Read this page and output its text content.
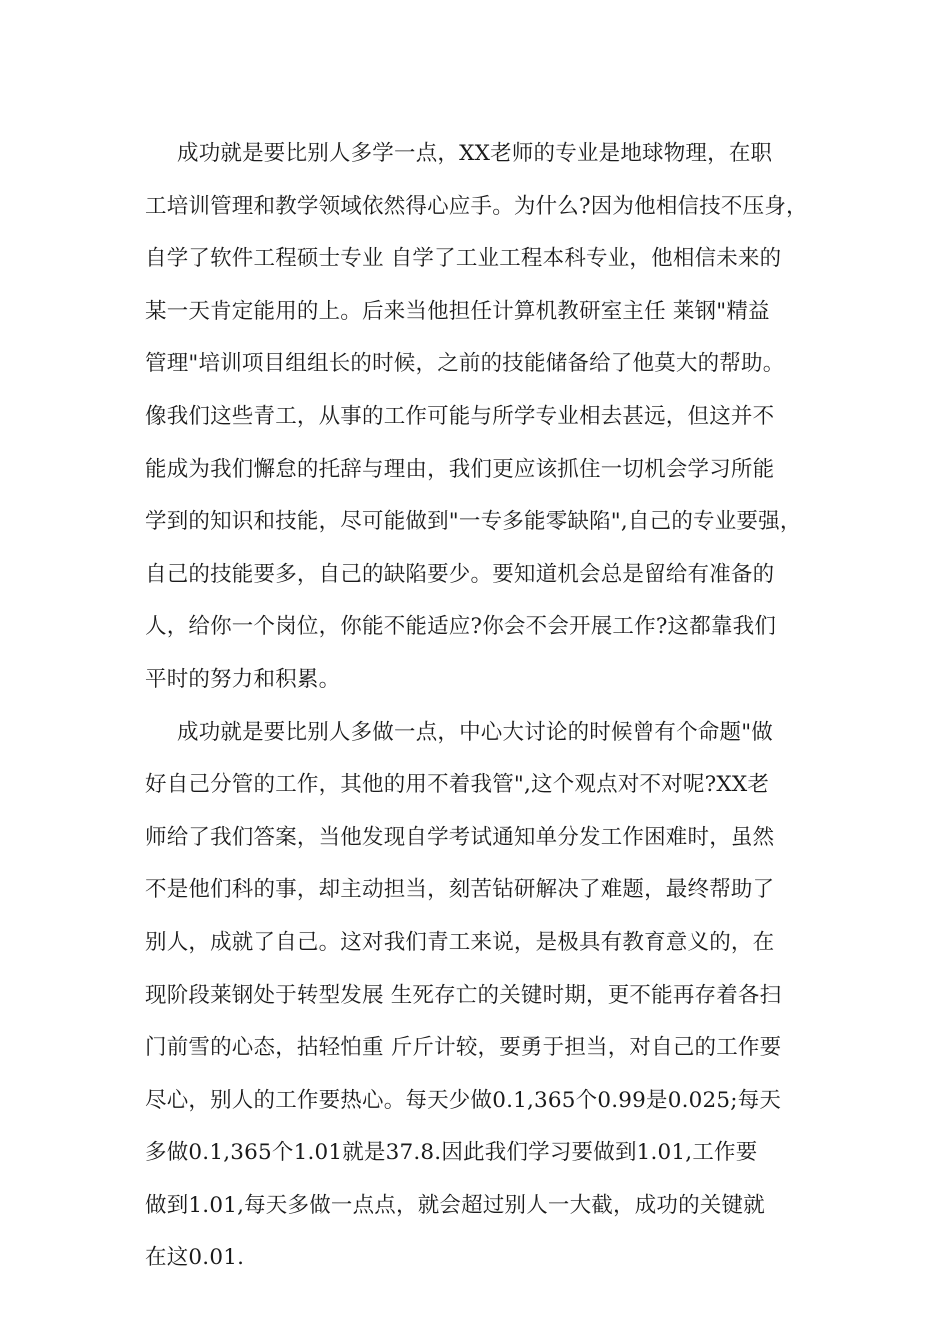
成功就是要比别人多学一点，XX老师的专业是地球物理，在职
工培训管理和教学领域依然得心应手。为什么?因为他相信技不压身，
自学了软件工程硕士专业 自学了工业工程本科专业，他相信未来的
某一天肯定能用的上。后来当他担任计算机教研室主任 莱钢"精益
管理"培训项目组组长的时候，之前的技能储备给了他莫大的帮助。
像我们这些青工，从事的工作可能与所学专业相去甚远，但这并不
能成为我们懈怠的托辞与理由，我们更应该抓住一切机会学习所能
学到的知识和技能，尽可能做到"一专多能零缺陷",自己的专业要强，
自己的技能要多，自己的缺陷要少。要知道机会总是留给有准备的
人，给你一个岗位，你能不能适应?你会不会开展工作?这都靠我们
平时的努力和积累。
成功就是要比别人多做一点，中心大讨论的时候曾有个命题"做
好自己分管的工作，其他的用不着我管",这个观点对不对呢?XX老
师给了我们答案，当他发现自学考试通知单分发工作困难时，虽然
不是他们科的事，却主动担当，刻苦钻研解决了难题，最终帮助了
别人，成就了自己。这对我们青工来说，是极具有教育意义的，在
现阶段莱钢处于转型发展 生死存亡的关键时期，更不能再存着各扫
门前雪的心态，拈轻怕重 斤斤计较，要勇于担当，对自己的工作要
尽心，别人的工作要热心。每天少做0.1,365个0.99是0.025;每天
多做0.1,365个1.01就是37.8.因此我们学习要做到1.01,工作要
做到1.01,每天多做一点点，就会超过别人一大截，成功的关键就
在这0.01.
